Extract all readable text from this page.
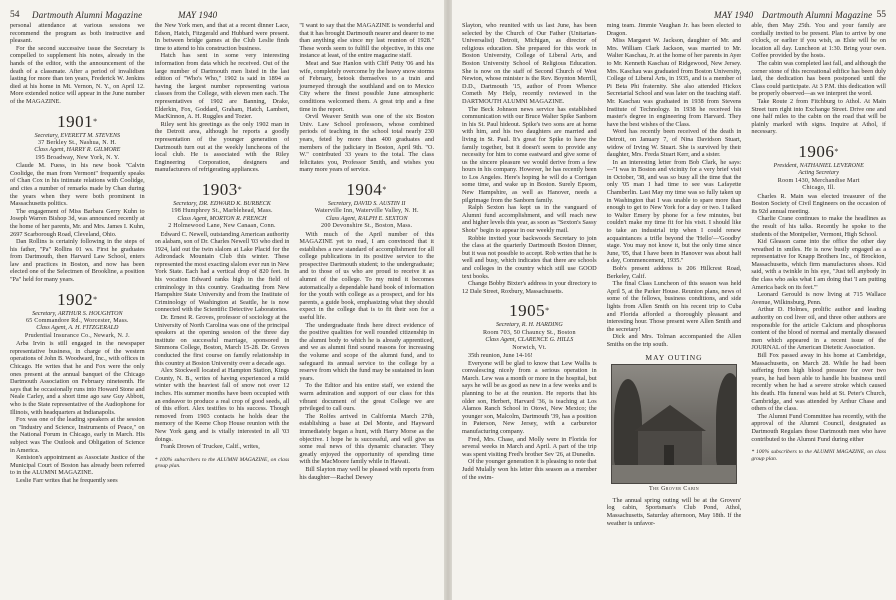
54 Dartmouth Alumni Magazine	MAY 1940

personal attendance at various sessions we recommend the program as both instructive and pleasant.

For the second successive issue the Secretary is compelled to supplement his notes, already in the hands of the editor, with the announcement of the death of a classmate. After a period of invalidism lasting for more than ten years, Frederick W. Jenkins died at his home in Mt. Vernon, N. Y., on April 12. More extended notice will appear in the June number of the MAGAZINE.

1901*
Secretary, EVERETT M. STEVENS
37 Berkley St., Nashua, N. H.
Class Agent, HARRY R. GILMORE
195 Broadway, New York, N. Y.

Claude M. Fuess, in his new book "Calvin Coolidge, the man from Vermont" frequently speaks of Chan Cox in his intimate relations with Coolidge, and cites a number of remarks made by Chan during the years when they were both prominent in Massachusetts politics.

The engagement of Miss Barbara Gerry Kuhn to Joseph Warren Bishop 3d, was announced recently at the home of her parents, Mr. and Mrs. James I. Kuhn, 2697 Scarborough Road, Cleveland, Ohio.

Dan Rollins is certainly following in the steps of his father, "Pa" Rollins 01 ws. First he graduates from Dartmouth, then Harvard Law School, enters law and practices in Boston, and now has been elected one of the Selectmen of Brookline, a position "Pa" held for many years.

1902*
Secretary, ARTHUR S. HOUGHTON
65 Commandore Rd., Worcester, Mass.
Class Agent, A. H. FITZGERALD
Prudential Insurance Co., Newark, N. J.

Arba Irvin is still engaged in the newspaper representative business, in charge of the western operations of John B. Woodward, Inc., with offices in Chicago. He writes that he and Fox were the only ones present at the annual banquet of the Chicago Dartmouth Association on February nineteenth. He says that he occasionally runs into Howard Stone and Neale Carley, and a short time ago saw Guy Abbott, who is the State representative of the Audiophone for Illinois, with headquarters at Indianapolis.

Fox was one of the leading speakers at the session on "Industry and Science, Instruments of Peace," on the National Forum in Chicago, early in March. His subject was The Outlook and Obligation of Science in America.

Keniston's appointment as Associate Justice of the Municipal Court of Boston has already been referred to in the ALUMNI MAGAZINE.

Leslie Farr writes that he frequently sees

the New York men, and that at a recent dinner Lace, Edson, Hatch, Fitzgerald and Hubbard were present. In between bridge games at the Club Leslie finds time to attend to his construction business.

Hatch has sent in some very interesting information from data which he received. Out of the large number of Dartmouth men listed in the last edition of "Who's Who," 1902 is said in 1894 as having the largest number representing various classes from the College, with eleven men each. The representatives of 1902 are Banning, Drake, Elderkin, Fox, Goddard, Graham, Hatch, Lambert, MacKinnon, A. H. Ruggles and Tozier.

Riley sent his greetings as the only 1902 man in the Detroit area, although he reports a goodly representation of the younger generation of Dartmouth turn out at the weekly luncheons of the local club. He is associated with the Riley Engineering Corporation, designers and manufacturers of refrigerating appliances.

1903*
Secretary, DR. EDWARD K. BURBECK
198 Humphrey St., Marblehead, Mass.
Class Agent, MORTON R. FRENCH
2 Holmewood Lane, New Canaan, Conn.

Edward C. Newell, outstanding American authority on alabam, son of Dr. Charles Newell '03 who died in 1924, laid out the twin slalom at Lake Placid for the Adirondack Mountain Club this winter. These represented the most exacting slalom ever run in New York State. Each had a vertical drop of 820 feet. In his vocation Edward ranks high in the field of criminology in this country. Graduating from New Hampshire State University and from the Institute of Criminology of Washington at Seattle, he is now connected with the Scientific Detective Laboratories.

Dr. Ernest R. Groves, professor of sociology at the University of North Carolina was one of the principal speakers at the opening session of the three day institute on successful marriage, sponsored in Simmons College, Boston, March 15-28. Dr. Groves conducted the first course on family relationship in this country at Boston University over a decade ago.

Alex Stockwell located at Hampton Station, Kings County, N. B., writes of having experienced a mild winter with the heaviest fall of snow not over 12 inches. His summer months have been occupied with an endeavor to produce a real crop of good seeds, all of this effort. Alex testifies to his success. Though removed from 1903 contacts he holds dear the memory of the Keene Chop House reunion with the New York gang and is vitally interested in all '03 doings.

Frank Drown of Truckee, Calif., writes,

* 100% subscribers to the ALUMNI MAGAZINE, on class group plan.

"I want to say that the MAGAZINE is wonderful and that it has brought Dartmouth nearer and dearer to me than anything else since my last reunion of 1928." These words seem to fulfill the objective, in this one instance at least, of the entire magazine staff.

Meat and Sue Hanlon with Cliff Petty '06 and his wife, completely overcome by the heavy snow storms of February, betook themselves to a train and journeyed through the southland and on to Mexico City where the finest possible June atmospheric conditions welcomed them. A great trip and a fine time in the report.

Orvil Weaver Smith was one of the six Boston Univ. Law School professors, whose combined periods of teaching in the school total nearly 230 years, feted by more than 400 graduates and members of the judiciary in Boston, April 9th. "O. W." contributed 33 years to the total. The class felicitates you, Professor Smith, and wishes you many more years of service.

1904*
Secretary, DAVID S. AUSTIN II
Waterville Inn, Waterville Valley, N. H.
Class Agent, RALPH E. SEXTON
200 Devonshire St., Boston, Mass.

With much of the April number of this MAGAZINE yet to read, I am convinced that it establishes a new standard of accomplishment for all college publications in its positive service to the prospective Dartmouth student; to the undergraduate; and to those of us who are proud to receive it as alumni of the college. To my mind it becomes automatically a dependable hand book of information for the youth with college as a prospect, and for his parents, a guide book, emphasizing what they should expect in the college that is to fit their son for a useful life.

The undergraduate finds here direct evidence of the positive qualities for well rounded citizenship in the alumni body to which he is already apprenticed, and we as alumni find sound reasons for increasing the volume and scope of the alumni fund, and to safeguard its annual service to the college by a reserve from which the fund may be sustained in lean years.

To the Editor and his entire staff, we extend the warm admiration and support of our class for this vibrant document of the great College we are privileged to call ours.

The Rolfes arrived in California March 27th, establishing a base at Del Monte, and Hayward immediately began a hunt, with Harry Morse as the objective. I hope he is successful, and will give us some real news of this dynamic character. They greatly enjoyed the opportunity of spending time with the MacMoore family while in Hawaii.

Bill Slayton may well be pleased with reports from his daughter—Rachel Dewey

MAY 1940 Dartmouth Alumni Magazine 55

Slayton, who reunited with us last June, has been selected by the Church of Our Father (Unitarian-Universalist) Detroit, Michigan, as director of religious education. She prepared for this work in Boston University, College of Liberal Arts, and Boston University School of Religious Education. She is now on the staff of Second Church of West Newton, whose minister is the Rev. Boynton Merrill, D.D., Dartmouth '15, author of From Whence Cometh My Help, recently reviewed in the DARTMOUTH ALUMNI MAGAZINE.

The Beck Johnson news service has established communication with our Bruce Walter Spike Sanborn in his St. Paul hideout. Spike's two sons are at home with him, and his two daughters are married and living in St. Paul. It's great for Spike to have the family together, but it doesn't seem to provide any necessity for him to come eastward and give some of us the sincere pleasure we would derive from a few hours in his company. However, he has recently been to Los Angeles. Here's hoping he will do a Corrigan some time, and wake up in Boston. Surely Epsom, New Hampshire, as well as Hanover, needs a pilgrimage from the Sanborn family.

Ralph Sexton has kept us in the vanguard of Alumni fund accomplishment, and will reach new and higher levels this year, as soon as "Sexton's Sassy Shots" begin to appear in our weekly mail.

Robbie invited your backwoods Secretary to join the class at the quarterly Dartmouth Boston Dinner, but it was not possible to accept. Rob writes that he is well and busy, which indicates that there are schools and colleges in the country which still use GOOD text books.

Change Bobby Bixter's address in your directory to 12 Dale Street, Roxbury, Massachusetts.

1905*
Secretary, R. H. HARDING
Room 703, 50 Chauncy St., Boston
Class Agent, CLARENCE G. HILLS
Norwich, Vt.

35th reunion, June 14-16!

Everyone will be glad to know that Lew Wallis is convalescing nicely from a serious operation in March. Lew was a month or more in the hospital, but says he will be as good as new in a few weeks and is planning to be at the reunion. He reports that his older son, Herbert, Harvard '36, is teaching at Los Alamos Ranch School in Otowi, New Mexico; the younger son, Malcolm, Dartmouth '39, has a position in Paterson, New Jersey, with a carburetor manufacturing company.

Fred, Mrs. Chase, and Molly were in Florida for several weeks in March and April. A part of the trip was spent visiting Fred's brother Sev '26, at Dunedin.

Of the younger generation it is pleasing to note that Judd Mulally won his letter this season as a member of the swim-

ming team. Jimmie Vaughan Jr. has been elected to Dragon.

Miss Margaret W. Jackson, daughter of Mr. and Mrs. William Clark Jackson, was married to Mr. Walter Kaschau, Jr. at the home of her parents in Ayer to Mr. Kenneth Kaschau of Ridgewood, New Jersey. Mrs. Kaschau was graduated from Boston University, College of Liberal Arts, in 1935, and is a member of Pi Beta Phi fraternity. She also attended Hickox Secretarial School and was later on the teaching staff. Mr. Kaschau was graduated in 1938 from Stevens Institute of Technology. In 1938 he received his master's degree in engineering from Harvard. They have the best wishes of the Class.

Word has recently been received of the death in Detroit, on January 7, of Nina Davidson Stuart, widow of Irving W. Stuart. She is survived by their daughter, Mrs. Freda Stuart Kerr, and a sister.

In an interesting letter from Bob Clark, he says:—"I was in Boston and vicinity for a very brief visit in October, '38, and was so busy all the time that the only '05 man I had time to see was Lafayette Chamberlin. Last May my time was so fully taken up in Washington that I was unable to spare more than enough to get to New York for a day or two. I talked to Walter Emery by phone for a few minutes, but couldn't make my time fit for his visit. I should like to take an industrial trip when I could renew acquaintances a trifle beyond the 'Hello'—'Goodby' stage. You may not know it, but the only time since June, '05, that I have been in Hanover was about half a day, Commencement, 1935."

Bob's present address is 206 Hillcrest Road, Berkeley, Calif.

The final Class Luncheon of this season was held April 5, at the Parker House. Reunion plans, news of some of the fellows, business conditions, and side lights from Allen Smith on his recent trip to Cuba and Florida afforded a thoroughly pleasant and interesting hour. Those present were Allen Smith and the secretary!

Dick and Mrs. Tolman accompanied the Allen Smiths on the trip south.

MAY OUTING
The Grover Cabin

The annual spring outing will be at the Grovers' log cabin, Sportsman's Club Pond, Athol, Massachusetts, Saturday afternoon, May 18th. If the weather is unfavor-

able, then May 25th. You and your family are cordially invited to be present. Plan to arrive by one o'clock, or earlier if you wish, as Elsie will be on location all day. Luncheon at 1:30. Bring your own. Coffee provided by the hosts.

The cabin was completed last fall, and although the corner stone of this recreational edifice has been duly laid, the dedication has been postponed until the Class could participate. At 3 P.M. this dedication will be properly observed—as we interpret the word.

Take Route 2 from Fitchburg to Athol. At Main Street turn right into Exchange Street. Drive one and one half miles to the cabin on the road that will be plainly marked with signs. Inquire at Athol, if necessary.

1906*
President, NATHANIEL LEVERONE
Acting Secretary
Room 1430, Merchandise Mart
Chicago, Ill.

Charles R. Main was elected treasurer of the Boston Society of Civil Engineers on the occasion of its 92d annual meeting.

Charlie Crane continues to make the headlines as the result of his talks. Recently he spoke to the students of the Montpelier, Vermont, High School.

Kid Gleason came into the office the other day wreathed in smiles. He is now busily engaged as a representative for Knapp Brothers Inc., of Brockton, Massachusetts, which firm manufactures shoes. Kid said, with a twinkle in his eye, "Just tell anybody in the class who asks what I am doing that 'I am putting America back on its feet.'"

Leonard Gerould is now living at 715 Wallace Avenue, Wilkinsburg, Penn.

Arthur D. Holmes, prolific author and leading authority on cod liver oil, and three other authors are responsible for the article Calcium and phosphorus content of the blood of normal and mentally diseased men which appeared in a recent issue of the JOURNAL of the American Dietetic Association.

Bill Fox passed away in his home at Cambridge, Massachusetts, on March 28. While he had been suffering from high blood pressure for over two years, he had been able to handle his business until recently when he had a severe stroke which caused his death. His funeral was held at St. Peter's Church, Cambridge, and was attended by Arthur Chase and others of the class.

The Alumni Fund Committee has recently, with the approval of the Alumni Council, designated as Dartmouth Regulars those Dartmouth men who have contributed to the Alumni Fund during either

* 100% subscribers to the ALUMNI MAGAZINE, on class group plan.
